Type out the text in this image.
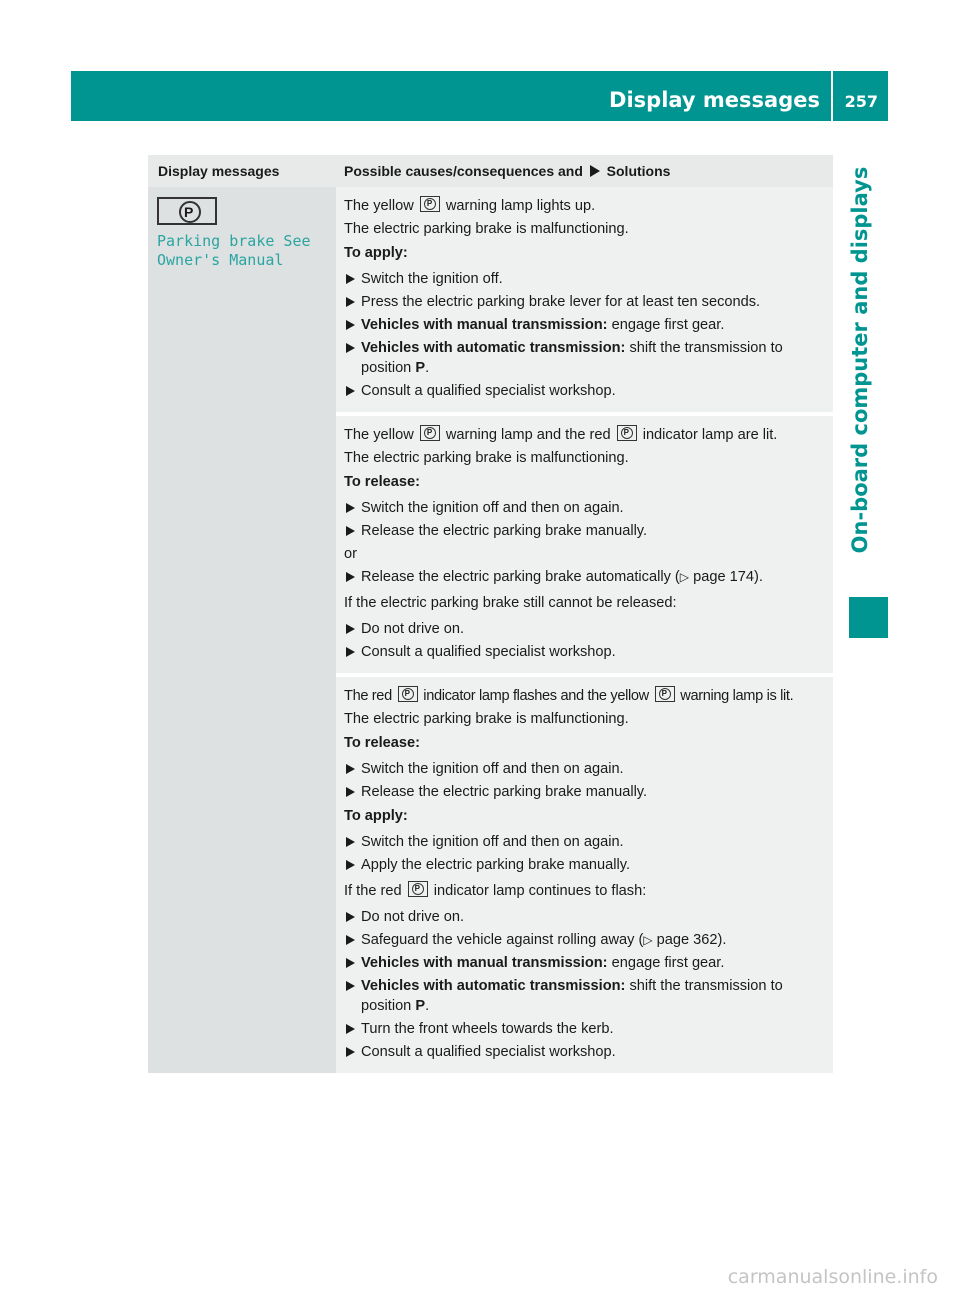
Display messages 257
On-board computer and displays
Display messages	Possible causes/consequences and Solutions
P
Parking brake See
Owner's Manual
The yellow P warning lamp lights up.
The electric parking brake is malfunctioning.
To apply:
Switch the ignition off.
Press the electric parking brake lever for at least ten seconds.
Vehicles with manual transmission: engage first gear.
Vehicles with automatic transmission: shift the transmission to position P.
Consult a qualified specialist workshop.
The yellow P warning lamp and the red P indicator lamp are lit.
The electric parking brake is malfunctioning.
To release:
Switch the ignition off and then on again.
Release the electric parking brake manually.
or
Release the electric parking brake automatically (▷ page 174).
If the electric parking brake still cannot be released:
Do not drive on.
Consult a qualified specialist workshop.
The red P indicator lamp flashes and the yellow P warning lamp is lit.
The electric parking brake is malfunctioning.
To release:
Switch the ignition off and then on again.
Release the electric parking brake manually.
To apply:
Switch the ignition off and then on again.
Apply the electric parking brake manually.
If the red P indicator lamp continues to flash:
Do not drive on.
Safeguard the vehicle against rolling away (▷ page 362).
Vehicles with manual transmission: engage first gear.
Vehicles with automatic transmission: shift the transmission to position P.
Turn the front wheels towards the kerb.
Consult a qualified specialist workshop.
carmanualsonline.info
